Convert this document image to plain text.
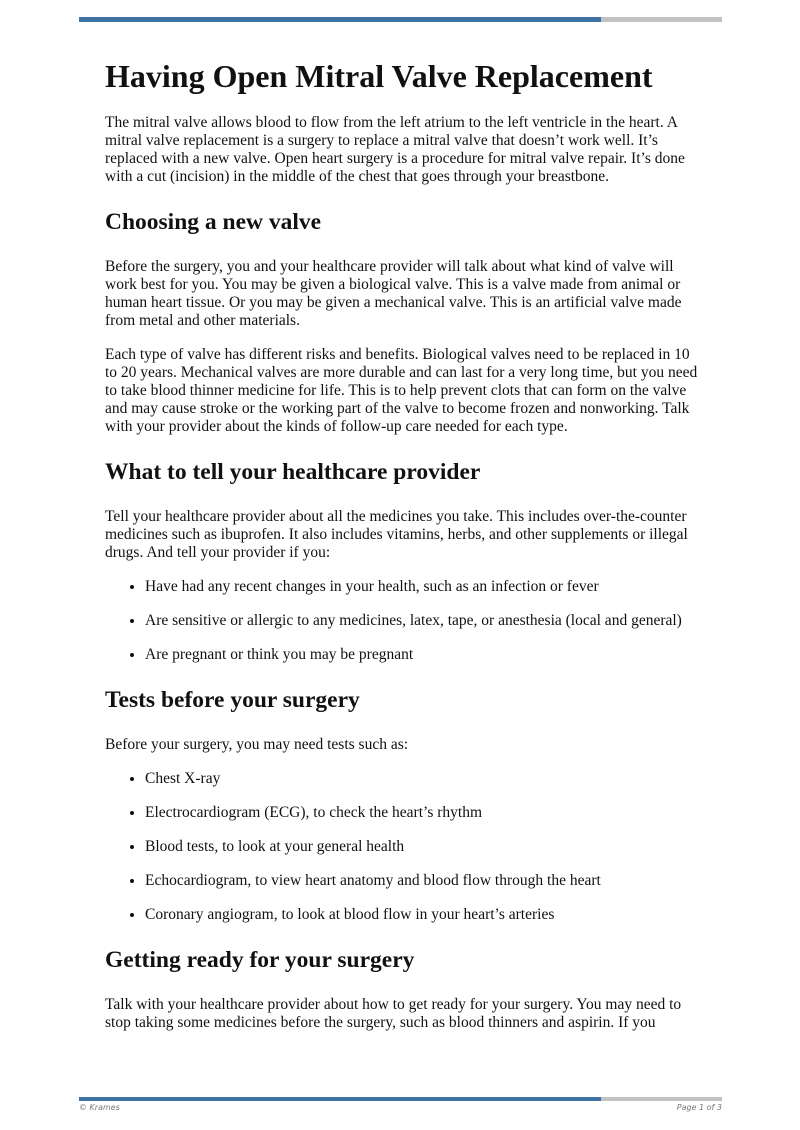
Having Open Mitral Valve Replacement

The mitral valve allows blood to flow from the left atrium to the left ventricle in the heart. A mitral valve replacement is a surgery to replace a mitral valve that doesn’t work well. It’s replaced with a new valve. Open heart surgery is a procedure for mitral valve repair. It’s done with a cut (incision) in the middle of the chest that goes through your breastbone.

Choosing a new valve

Before the surgery, you and your healthcare provider will talk about what kind of valve will work best for you. You may be given a biological valve. This is a valve made from animal or human heart tissue. Or you may be given a mechanical valve. This is an artificial valve made from metal and other materials.

Each type of valve has different risks and benefits. Biological valves need to be replaced in 10 to 20 years. Mechanical valves are more durable and can last for a very long time, but you need to take blood thinner medicine for life. This is to help prevent clots that can form on the valve and may cause stroke or the working part of the valve to become frozen and nonworking. Talk with your provider about the kinds of follow-up care needed for each type.

What to tell your healthcare provider

Tell your healthcare provider about all the medicines you take. This includes over-the-counter medicines such as ibuprofen. It also includes vitamins, herbs, and other supplements or illegal drugs. And tell your provider if you:

• Have had any recent changes in your health, such as an infection or fever
• Are sensitive or allergic to any medicines, latex, tape, or anesthesia (local and general)
• Are pregnant or think you may be pregnant
Tests before your surgery

Before your surgery, you may need tests such as:

• Chest X-ray
• Electrocardiogram (ECG), to check the heart’s rhythm
• Blood tests, to look at your general health
• Echocardiogram, to view heart anatomy and blood flow through the heart
• Coronary angiogram, to look at blood flow in your heart’s arteries
Getting ready for your surgery

Talk with your healthcare provider about how to get ready for your surgery. You may need to stop taking some medicines before the surgery, such as blood thinners and aspirin. If you

© Krames	Page 1 of 3
